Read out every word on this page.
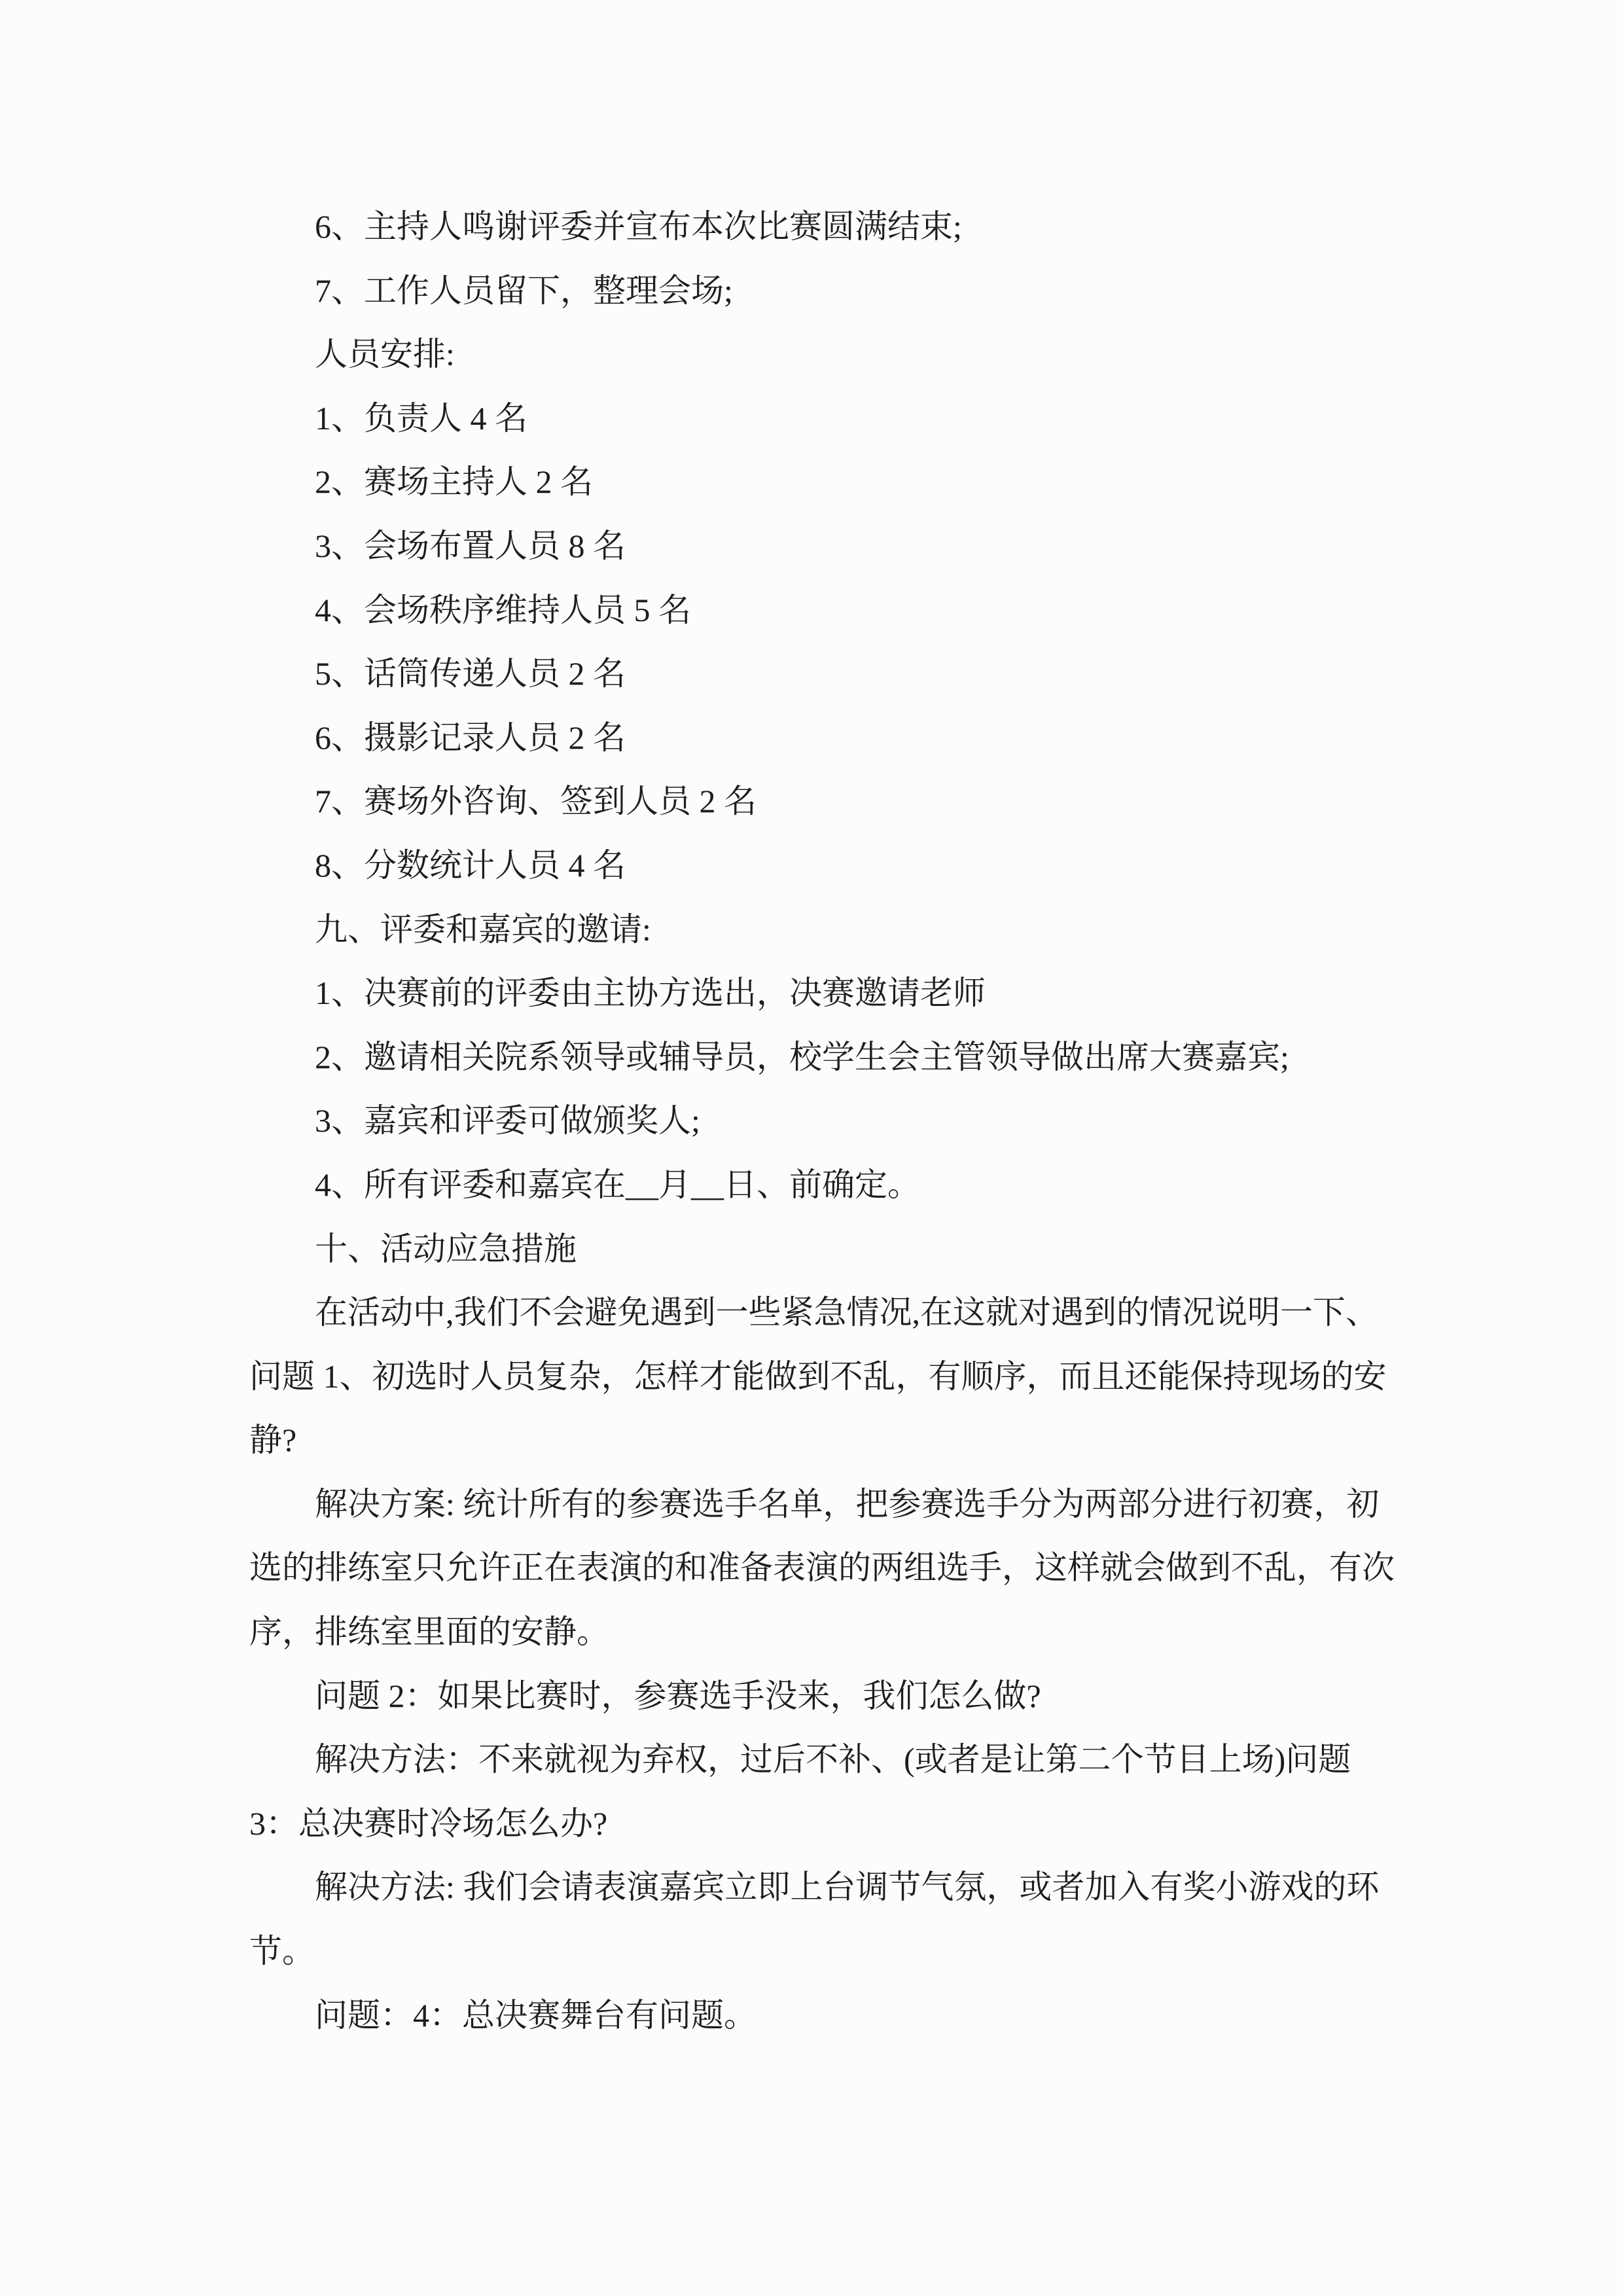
6、主持人鸣谢评委并宣布本次比赛圆满结束;
7、工作人员留下，整理会场;
人员安排:
1、负责人 4 名
2、赛场主持人 2 名
3、会场布置人员 8 名
4、会场秩序维持人员 5 名
5、话筒传递人员 2 名
6、摄影记录人员 2 名
7、赛场外咨询、签到人员 2 名
8、分数统计人员 4 名
九、评委和嘉宾的邀请:
1、决赛前的评委由主协方选出，决赛邀请老师
2、邀请相关院系领导或辅导员，校学生会主管领导做出席大赛嘉宾;
3、嘉宾和评委可做颁奖人;
4、所有评委和嘉宾在__月__日、前确定。
十、活动应急措施
在活动中,我们不会避免遇到一些紧急情况,在这就对遇到的情况说明一下、
问题 1、初选时人员复杂，怎样才能做到不乱，有顺序，而且还能保持现场的安
静?
解决方案: 统计所有的参赛选手名单，把参赛选手分为两部分进行初赛，初
选的排练室只允许正在表演的和准备表演的两组选手，这样就会做到不乱，有次
序，排练室里面的安静。
问题 2：如果比赛时，参赛选手没来，我们怎么做?
解决方法：不来就视为弃权，过后不补、(或者是让第二个节目上场)问题
3：总决赛时冷场怎么办?
解决方法: 我们会请表演嘉宾立即上台调节气氛，或者加入有奖小游戏的环
节。
问题：4：总决赛舞台有问题。
